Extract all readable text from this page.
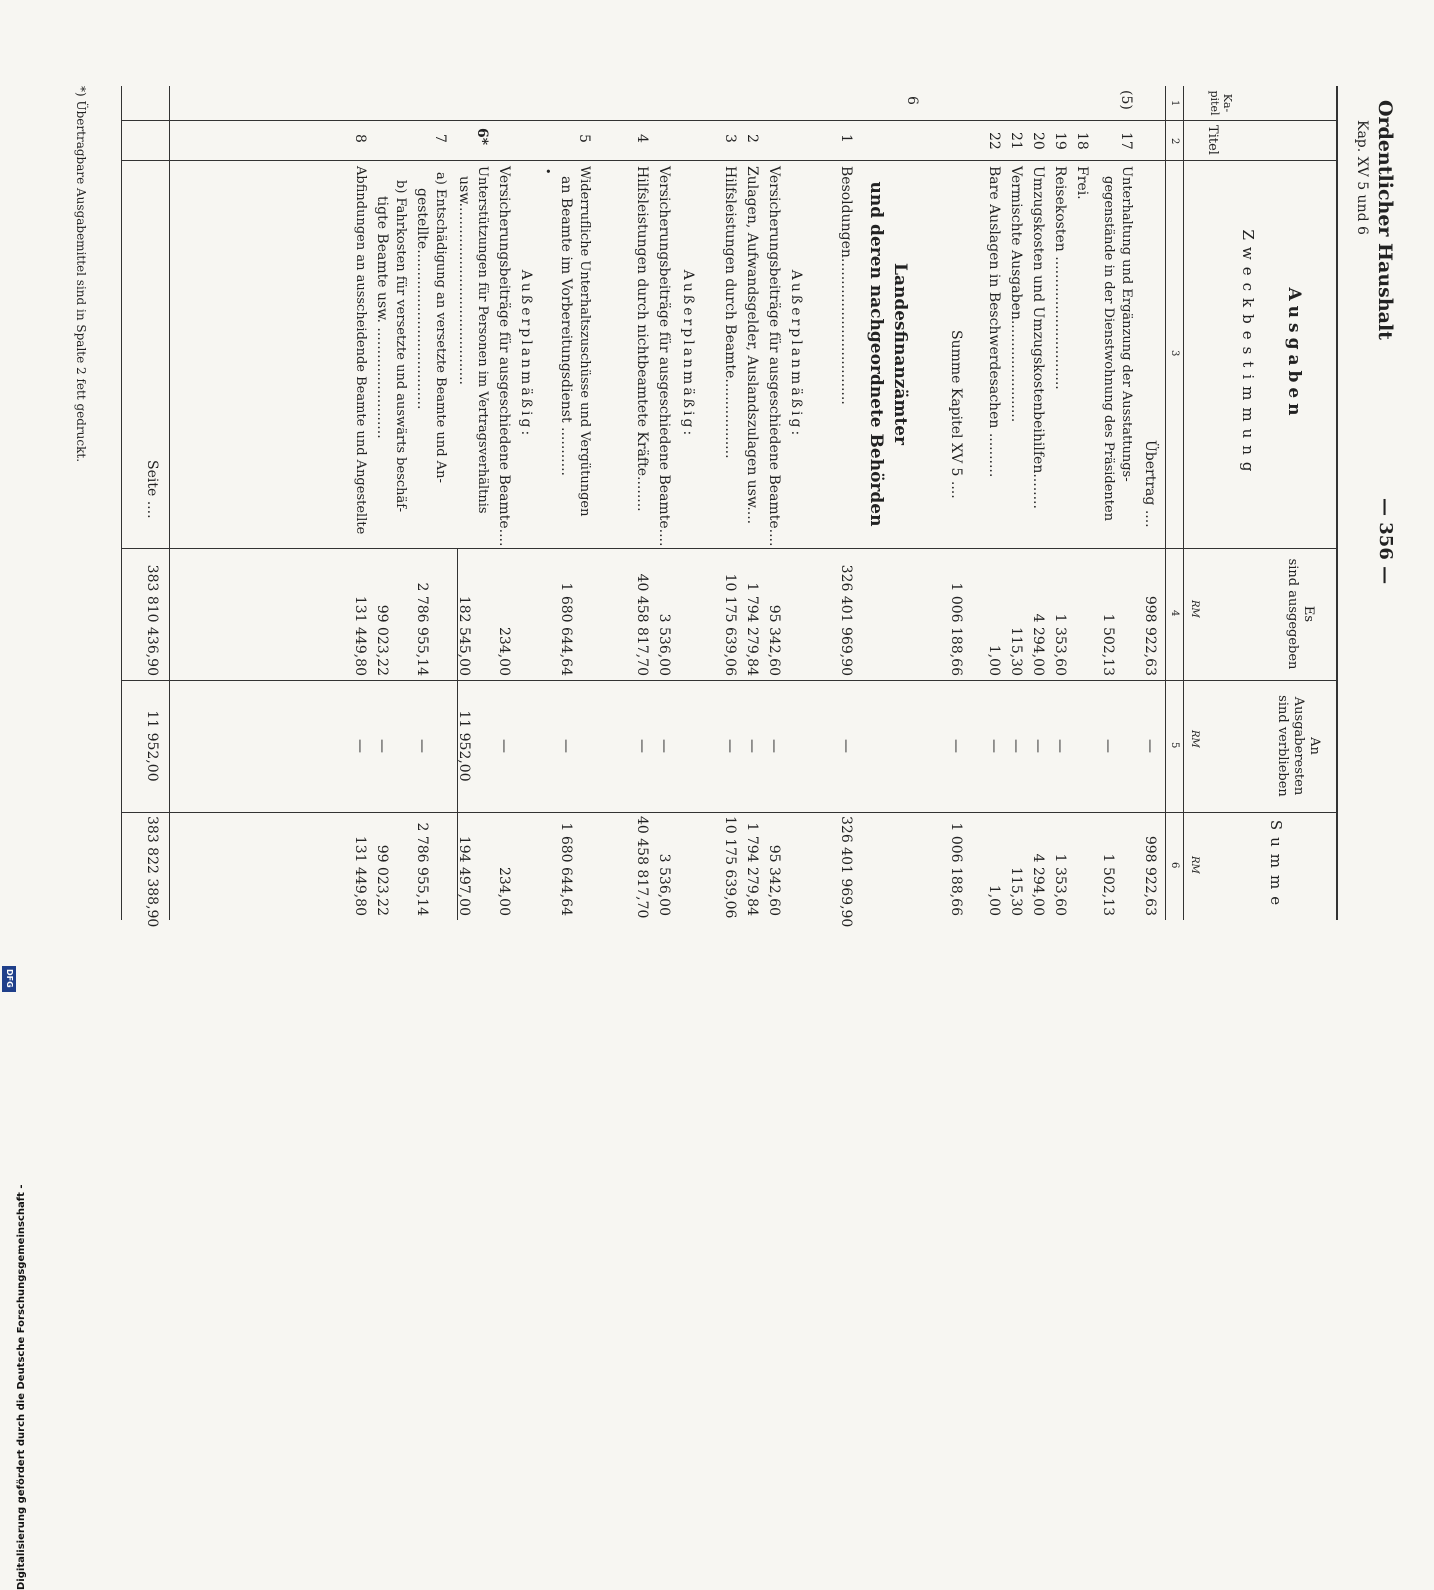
Ordentlicher Haushalt
Kap. XV 5 und 6
— 356 —
Ka-
pitel
Titel
Ausgaben
Zweckbestimmung
Es
sind ausgegeben
An
Ausgaberesten
sind verblieben
Summe
RM
RM
RM
1
2
3
4
5
6
Übertrag ....
998 922,63
—
998 922,63
(5)
17
Unterhaltung und Ergänzung der Ausstattungs-
gegenstände in der Dienstwohnung des Präsidenten
1 502,13
—
1 502,13
18
Frei.
19
Reisekosten ..............................
1 353,60
—
1 353,60
20
Umzugskosten und Umzugskostenbeihilfen........
4 294,00
—
4 294,00
21
Vermischte Ausgaben.......................
115,30
—
115,30
22
Bare Auslagen in Beschwerdesachen ..........
1,00
—
1,00
Summe Kapitel XV 5 ....
1 006 188,66
—
1 006 188,66
6
Landesfinanzämter
und deren nachgeordnete Behörden
1
Besoldungen.................................
326 401 969,90
—
326 401 969,90
Außerplanmäßig:
Versicherungsbeiträge für ausgeschiedene Beamte....
95 342,60
—
95 342,60
2
Zulagen, Aufwandsgelder, Auslandszulagen usw....
1 794 279,84
—
1 794 279,84
3
Hilfsleistungen durch Beamte..................
10 175 639,06
—
10 175 639,06
Außerplanmäßig:
Versicherungsbeiträge für ausgeschiedene Beamte....
3 536,00
—
3 536,00
4
Hilfsleistungen durch nichtbeamtete Kräfte........
40 458 817,70
—
40 458 817,70
5
Widerrufliche Unterhaltszuschüsse und Vergütungen
an Beamte im Vorbereitungsdienst ...........
1 680 644,64
—
1 680 644,64
•
Außerplanmäßig:
Versicherungsbeiträge für ausgeschiedene Beamte....
234,00
—
234,00
6*
Unterstützungen für Personen im Vertragsverhältnis
usw.........................................
182 545,00
11 952,00
194 497,00
7
a) Entschädigung an versetzte Beamte und An-
gestellte....................................
2 786 955,14
—
2 786 955,14
b) Fahrkosten für versetzte und auswärts beschäf-
tigte Beamte usw. .........................
99 023,22
—
99 023,22
8
Abfindungen an ausscheidende Beamte und Angestellte
131 449,80
—
131 449,80
Seite ....
383 810 436,90
11 952,00
383 822 388,90
*) Übertragbare Ausgabemittel sind in Spalte 2 fett gedruckt.
Digitalisierung gefördert durch die Deutsche Forschungsgemeinschaft -
DFG
